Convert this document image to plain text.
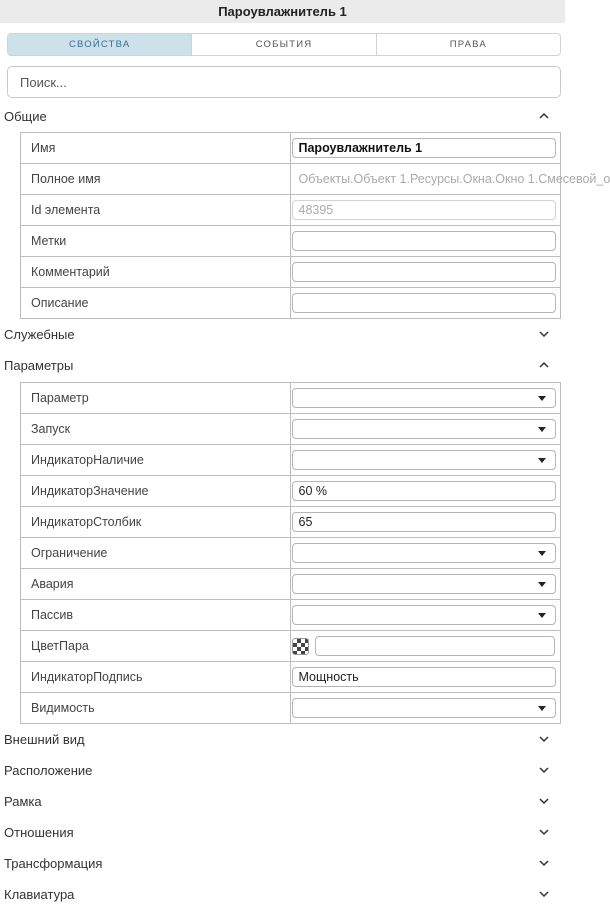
Пароувлажнитель 1
СВОЙСТВА	СОБЫТИЯ	ПРАВА
Поиск...
Общие
Имя	Пароувлажнитель 1
Полное имя	Объекты.Объект 1.Ресурсы.Окна.Окно 1.Смесевой_о
Id элемента	48395
Метки
Комментарий
Описание
Служебные
Параметры
Параметр
Запуск
ИндикаторНаличие
ИндикаторЗначение	60 %
ИндикаторСтолбик	65
Ограничение
Авария
Пассив
ЦветПара
ИндикаторПодпись	Мощность
Видимость
Внешний вид
Расположение
Рамка
Отношения
Трансформация
Клавиатура
